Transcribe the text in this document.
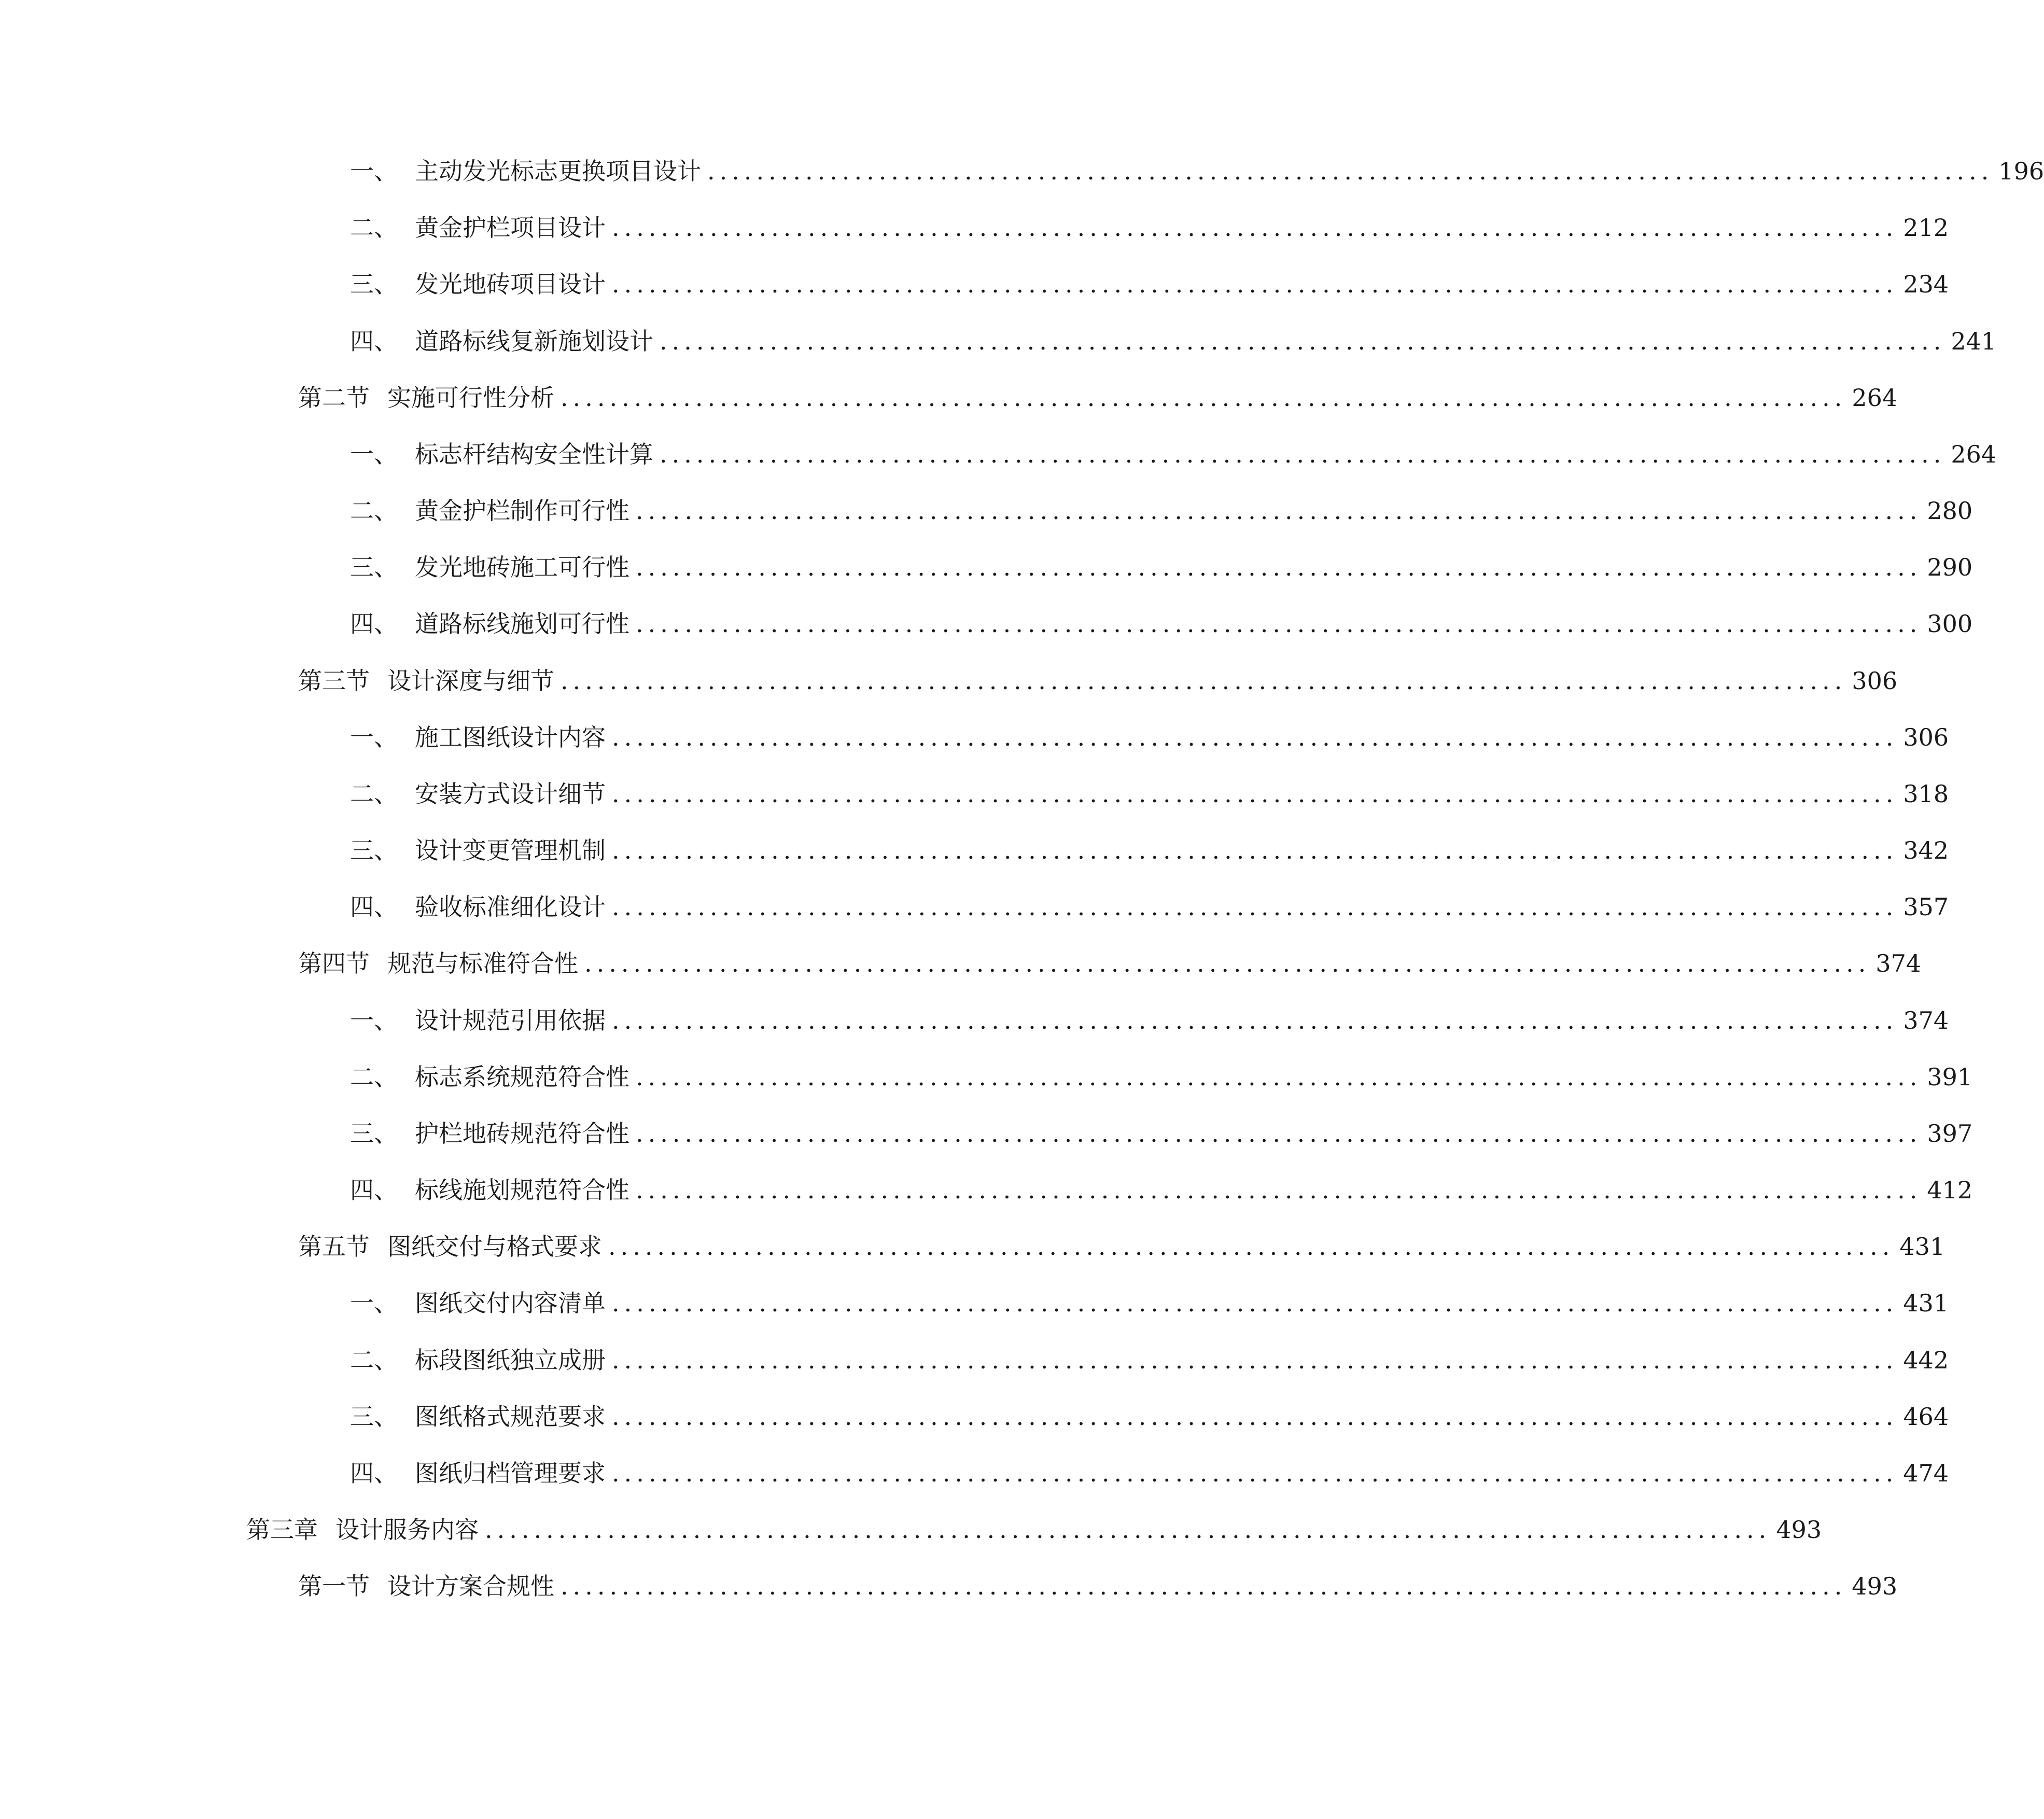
一、 主动发光标志更换项目设计 ......................................................................................................... 196
二、 黄金护栏项目设计 ......................................................................................................... 212
三、 发光地砖项目设计 ......................................................................................................... 234
四、 道路标线复新施划设计 ......................................................................................................... 241
第二节 实施可行性分析 ......................................................................................................... 264
一、 标志杆结构安全性计算 ......................................................................................................... 264
二、 黄金护栏制作可行性 ......................................................................................................... 280
三、 发光地砖施工可行性 ......................................................................................................... 290
四、 道路标线施划可行性 ......................................................................................................... 300
第三节 设计深度与细节 ......................................................................................................... 306
一、 施工图纸设计内容 ......................................................................................................... 306
二、 安装方式设计细节 ......................................................................................................... 318
三、 设计变更管理机制 ......................................................................................................... 342
四、 验收标准细化设计 ......................................................................................................... 357
第四节 规范与标准符合性 ......................................................................................................... 374
一、 设计规范引用依据 ......................................................................................................... 374
二、 标志系统规范符合性 ......................................................................................................... 391
三、 护栏地砖规范符合性 ......................................................................................................... 397
四、 标线施划规范符合性 ......................................................................................................... 412
第五节 图纸交付与格式要求 ......................................................................................................... 431
一、 图纸交付内容清单 ......................................................................................................... 431
二、 标段图纸独立成册 ......................................................................................................... 442
三、 图纸格式规范要求 ......................................................................................................... 464
四、 图纸归档管理要求 ......................................................................................................... 474
第三章 设计服务内容 ......................................................................................................... 493
第一节 设计方案合规性 ......................................................................................................... 493
